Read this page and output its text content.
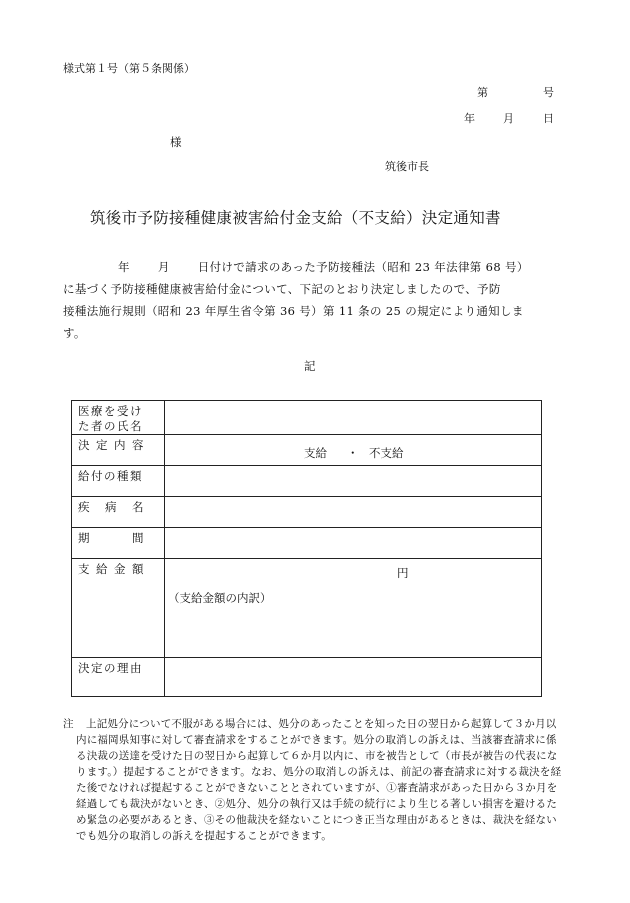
様式第１号（第５条関係）
第	号
年	月	日
様
筑後市長
筑後市予防接種健康被害給付金支給（不支給）決定通知書

年 月 日付けで請求のあった予防接種法（昭和 23 年法律第 68 号）

に基づく予防接種健康被害給付金について、下記のとおり決定しましたので、予防

接種法施行規則（昭和 23 年厚生省令第 36 号）第 11 条の 25 の規定により通知しま

す。

記
医療を受け
た者の氏名	

決 定 内 容	支給 ・ 不支給

給付の種類	

疾 病 名	

期 間	

支 給 金 額	円
（支給金額の内訳）

決定の理由	

注	上記処分について不服がある場合には、処分のあったことを知った日の翌日から起算して３か月以内に福岡県知事に対して審査請求をすることができます。処分の取消しの訴えは、当該審査請求に係る決裁の送達を受けた日の翌日から起算して６か月以内に、市を被告として（市長が被告の代表になります。）提起することができます。なお、処分の取消しの訴えは、前記の審査請求に対する裁決を経た後でなければ提起することができないこととされていますが、①審査請求があった日から３か月を経過しても裁決がないとき、②処分、処分の執行又は手続の続行により生じる著しい損害を避けるため緊急の必要があるとき、③その他裁決を経ないことにつき正当な理由があるときは、裁決を経ないでも処分の取消しの訴えを提起することができます。
